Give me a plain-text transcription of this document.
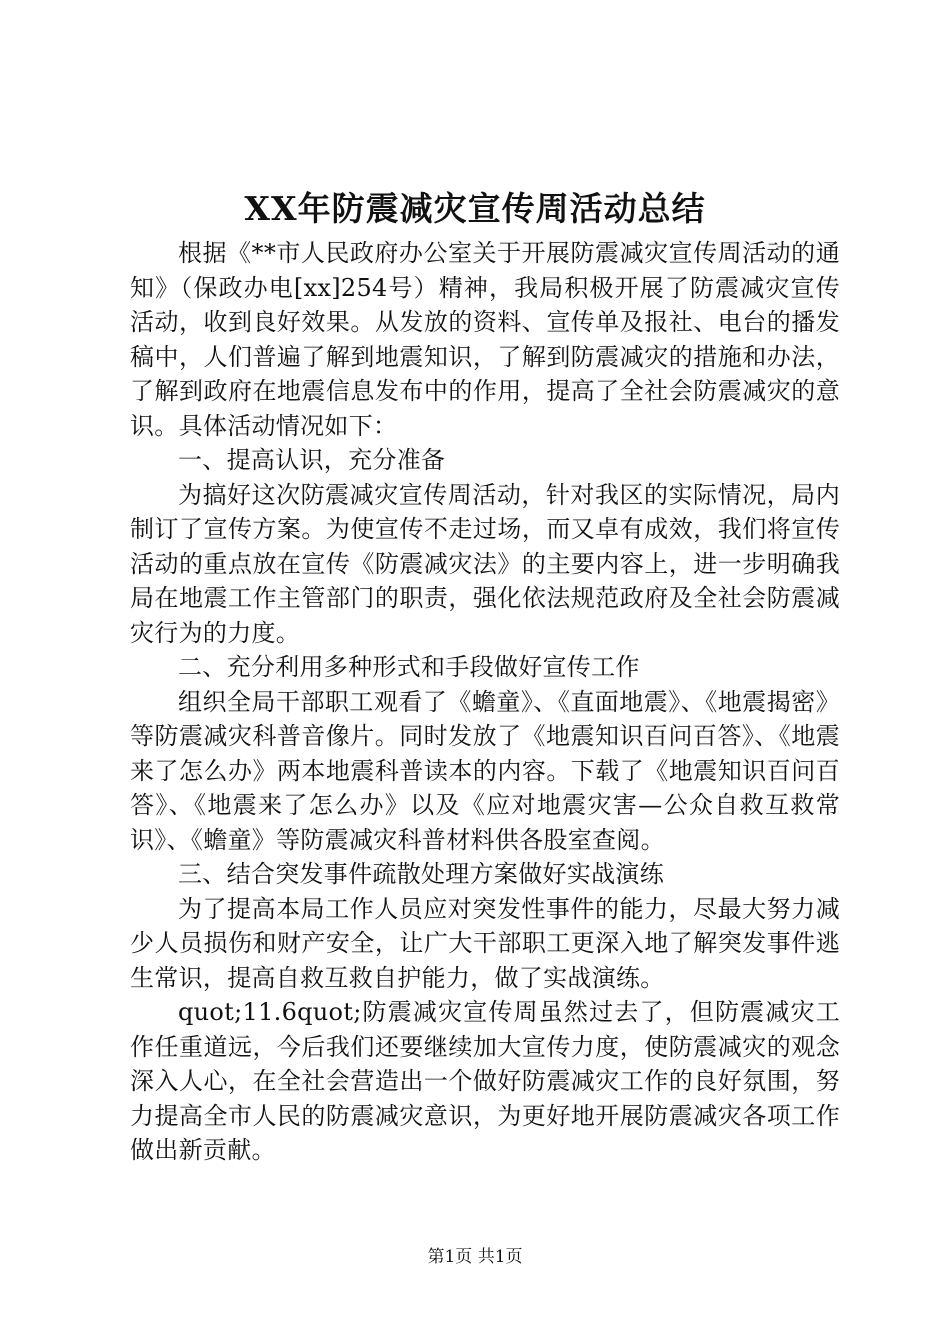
XX年防震减灾宣传周活动总结

根据《**市人民政府办公室关于开展防震减灾宣传周活动的通知》（保政办电[xx]254号）精神，我局积极开展了防震减灾宣传活动，收到良好效果。从发放的资料、宣传单及报社、电台的播发稿中，人们普遍了解到地震知识，了解到防震减灾的措施和办法，了解到政府在地震信息发布中的作用，提高了全社会防震减灾的意识。具体活动情况如下：

一、提高认识，充分准备

为搞好这次防震减灾宣传周活动，针对我区的实际情况，局内制订了宣传方案。为使宣传不走过场，而又卓有成效，我们将宣传活动的重点放在宣传《防震减灾法》的主要内容上，进一步明确我局在地震工作主管部门的职责，强化依法规范政府及全社会防震减灾行为的力度。

二、充分利用多种形式和手段做好宣传工作

组织全局干部职工观看了《蟾童》、《直面地震》、《地震揭密》等防震减灾科普音像片。同时发放了《地震知识百问百答》、《地震来了怎么办》两本地震科普读本的内容。下载了《地震知识百问百答》、《地震来了怎么办》以及《应对地震灾害—公众自救互救常识》、《蟾童》等防震减灾科普材料供各股室查阅。

三、结合突发事件疏散处理方案做好实战演练

为了提高本局工作人员应对突发性事件的能力，尽最大努力减少人员损伤和财产安全，让广大干部职工更深入地了解突发事件逃生常识，提高自救互救自护能力，做了实战演练。

quot;11.6quot;防震减灾宣传周虽然过去了，但防震减灾工作任重道远，今后我们还要继续加大宣传力度，使防震减灾的观念深入人心，在全社会营造出一个做好防震减灾工作的良好氛围，努力提高全市人民的防震减灾意识，为更好地开展防震减灾各项工作做出新贡献。

第1页 共1页
